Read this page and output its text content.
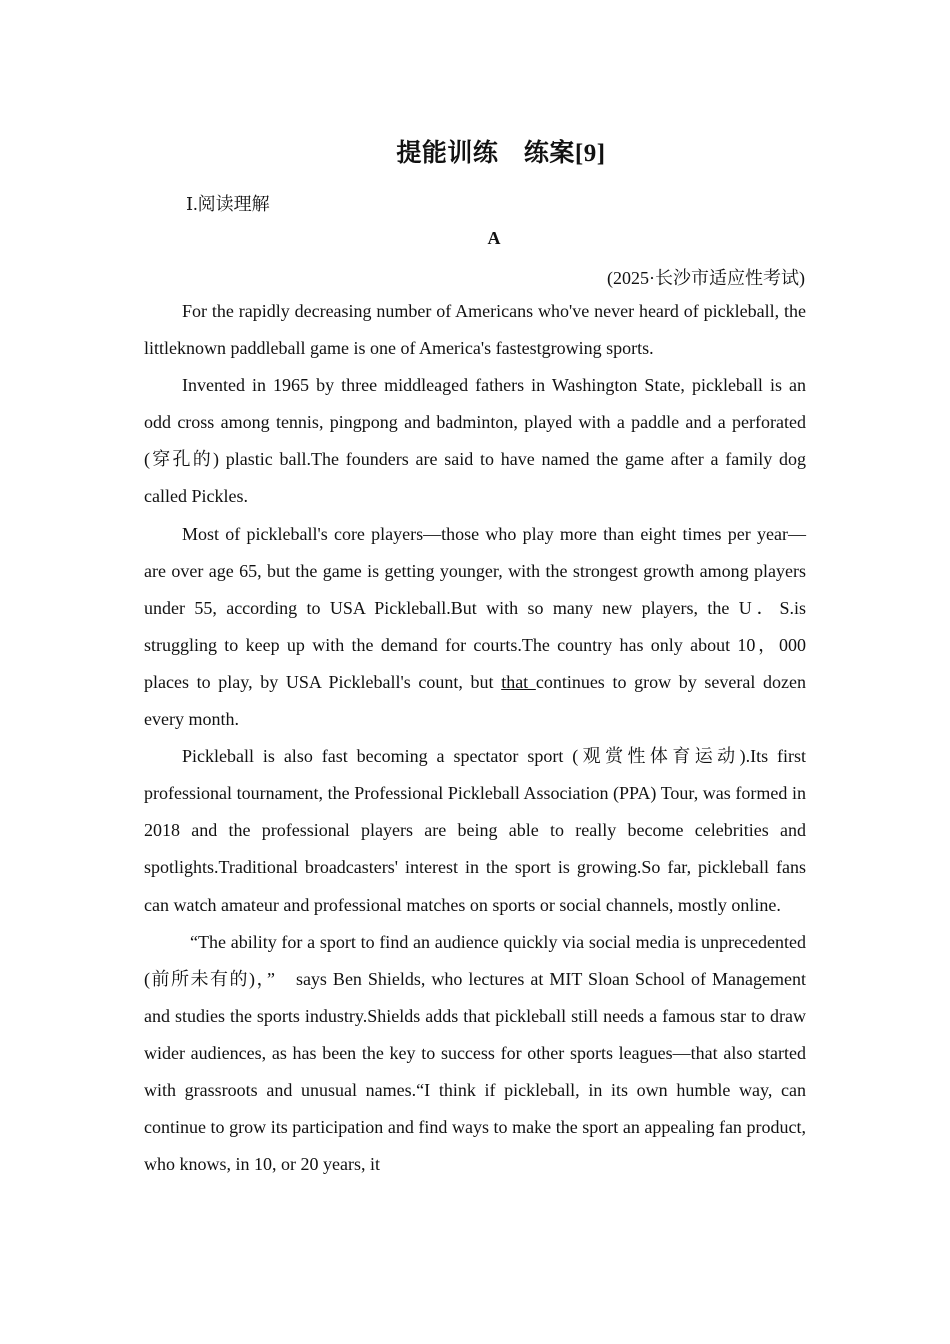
提能训练　练案[9]
Ⅰ.阅读理解
A
(2025·长沙市适应性考试)

For the rapidly decreasing number of Americans who've never heard of pickleball, the littleknown paddleball game is one of America's fastestgrowing sports.

Invented in 1965 by three middleaged fathers in Washington State, pickleball is an odd cross among tennis, pingpong and badminton, played with a paddle and a perforated (穿孔的) plastic ball.The founders are said to have named the game after a family dog called Pickles.

Most of pickleball's core players—those who play more than eight times per year—are over age 65, but the game is getting younger, with the strongest growth among players under 55, according to USA Pickleball.But with so many new players, the U．S.is struggling to keep up with the demand for courts.The country has only about 10，000 places to play, by USA Pickleball's count, but that continues to grow by several dozen every month.

Pickleball is also fast becoming a spectator sport (观赏性体育运动).Its first professional tournament, the Professional Pickleball Association (PPA) Tour, was formed in 2018 and the professional players are being able to really become celebrities and spotlights.Traditional broadcasters' interest in the sport is growing.So far, pickleball fans can watch amateur and professional matches on sports or social channels, mostly online.

“The ability for a sport to find an audience quickly via social media is unprecedented (前所未有的)，”　says Ben Shields, who lectures at MIT Sloan School of Management and studies the sports industry.Shields adds that pickleball still needs a famous star to draw wider audiences, as has been the key to success for other sports leagues—that also started with grassroots and unusual names.“I think if pickleball, in its own humble way, can continue to grow its participation and find ways to make the sport an appealing fan product, who knows, in 10, or 20 years, it
